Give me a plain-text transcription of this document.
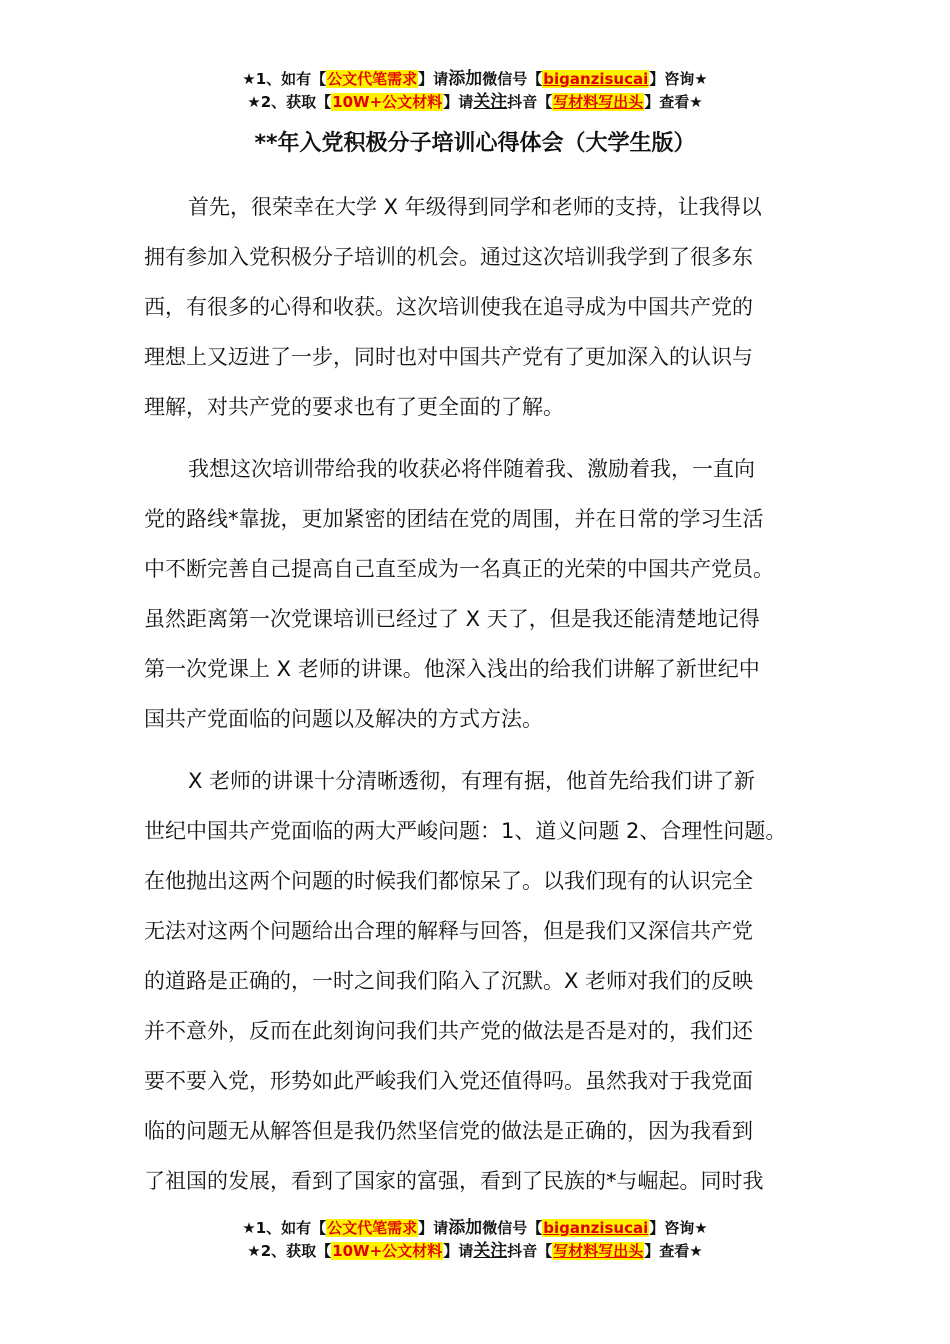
★1、如有【公文代笔需求】请添加微信号【biganzisucai】咨询★
★2、获取【10W+公文材料】请关注抖音【写材料写出头】查看★
**年入党积极分子培训心得体会（大学生版）
首先，很荣幸在大学 X 年级得到同学和老师的支持，让我得以
拥有参加入党积极分子培训的机会。通过这次培训我学到了很多东
西，有很多的心得和收获。这次培训使我在追寻成为中国共产党的
理想上又迈进了一步，同时也对中国共产党有了更加深入的认识与
理解，对共产党的要求也有了更全面的了解。
我想这次培训带给我的收获必将伴随着我、激励着我，一直向
党的路线*靠拢，更加紧密的团结在党的周围，并在日常的学习生活
中不断完善自己提高自己直至成为一名真正的光荣的中国共产党员。
虽然距离第一次党课培训已经过了 X 天了，但是我还能清楚地记得
第一次党课上 X 老师的讲课。他深入浅出的给我们讲解了新世纪中
国共产党面临的问题以及解决的方式方法。
X 老师的讲课十分清晰透彻，有理有据，他首先给我们讲了新
世纪中国共产党面临的两大严峻问题：1、道义问题 2、合理性问题。
在他抛出这两个问题的时候我们都惊呆了。以我们现有的认识完全
无法对这两个问题给出合理的解释与回答，但是我们又深信共产党
的道路是正确的，一时之间我们陷入了沉默。X 老师对我们的反映
并不意外，反而在此刻询问我们共产党的做法是否是对的，我们还
要不要入党，形势如此严峻我们入党还值得吗。虽然我对于我党面
临的问题无从解答但是我仍然坚信党的做法是正确的，因为我看到
了祖国的发展，看到了国家的富强，看到了民族的*与崛起。同时我
★1、如有【公文代笔需求】请添加微信号【biganzisucai】咨询★
★2、获取【10W+公文材料】请关注抖音【写材料写出头】查看★
